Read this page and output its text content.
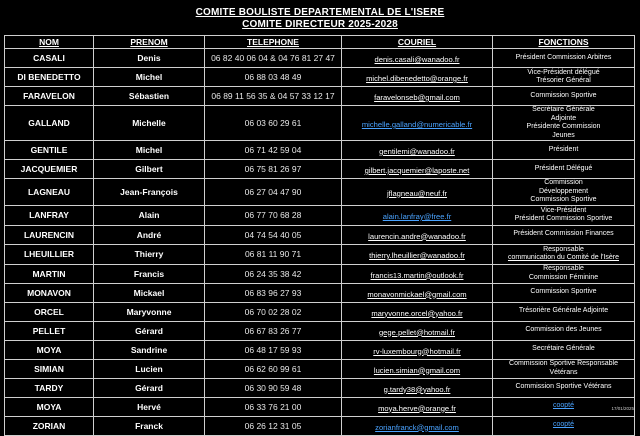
COMITE BOULISTE DEPARTEMENTAL DE L'ISERE
COMITE DIRECTEUR 2025-2028
NOM	PRENOM	TELEPHONE	COURIEL	FONCTIONS
CASALI	Denis	06 82 40 06 04 & 04 76 81 27 47	denis.casali@wanadoo.fr	Président Commission Arbitres

DI BENEDETTO	Michel	06 88 03 48 49	michel.dibenedetto@orange.fr	Vice-Président délégué
Trésorier Général

FARAVELON	Sébastien	06 89 11 56 35 & 04 57 33 12 17	faravelonseb@gmail.com	Commission Sportive

GALLAND	Michelle	06 03 60 29 61	michelle.galland@numericable.fr	Secrétaire Générale
Adjointe
Présidente Commission
Jeunes

GENTILE	Michel	06 71 42 59 04	gentilemi@wanadoo.fr	Président

JACQUEMIER	Gilbert	06 75 81 26 97	gilbert.jacquemier@laposte.net	Président Délégué

LAGNEAU	Jean-François	06 27 04 47 90	jflagneau@neuf.fr	Commission
Développement
Commission Sportive

LANFRAY	Alain	06 77 70 68 28	alain.lanfray@free.fr	Vice-Président
Président Commission Sportive

LAURENCIN	André	04 74 54 40 05	laurencin.andre@wanadoo.fr	Président Commission Finances

LHEUILLIER	Thierry	06 81 11 90 71	thierry.lheuillier@wanadoo.fr	Responsable
communication du Comité de l'Isère

MARTIN	Francis	06 24 35 38 42	francis13.martin@outlook.fr	Responsable
Commission Féminine

MONAVON	Mickael	06 83 96 27 93	monavonmickael@gmail.com	Commission Sportive

ORCEL	Maryvonne	06 70 02 28 02	maryvonne.orcel@yahoo.fr	Trésorière Générale Adjointe

PELLET	Gérard	06 67 83 26 77	gege.pellet@hotmail.fr	Commission des Jeunes

MOYA	Sandrine	06 48 17 59 93	rv-luxembourg@hotmail.fr	Secrétaire Générale

SIMIAN	Lucien	06 62 60 99 61	lucien.simian@gmail.com	Commission Sportive Responsable
Vétérans

TARDY	Gérard	06 30 90 59 48	g.tardy38@yahoo.fr	Commission Sportive Vétérans

MOYA	Hervé	06 33 76 21 00	moya.herve@orange.fr	coopté

ZORIAN	Franck	06 26 12 31 05	zorianfranck@gmail.com	coopté
17/01/2025
